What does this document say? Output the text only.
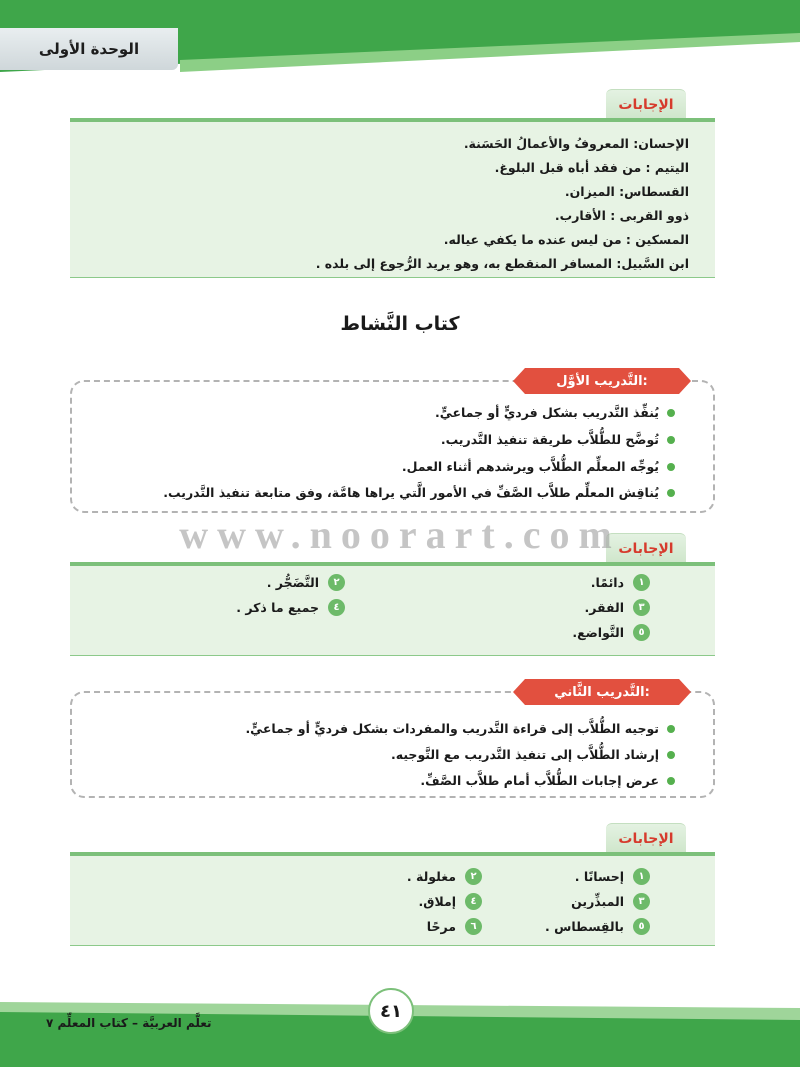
الوحدة الأولى
الإجابات
الإحسان: المعروفُ والأعمالُ الحَسَنة.
اليتيم : من فقد أباه قبل البلوغ.
القسطاس: الميزان.
ذوو القربى : الأقارب.
المسكين : من ليس عنده ما يكفي عياله.
ابن السَّبيل: المسافر المنقطع به، وهو يريد الرُّجوع إلى بلده .
كتاب النَّشاط
التَّدريب الأوَّل:
يُنفِّذ التَّدريب بشكل فرديٍّ أو جماعيٍّ.
تُوضَّح للطُّلاَّب طريقة تنفيذ التَّدريب.
يُوجِّه المعلِّم الطُّلاَّب ويرشدهم أثناء العمل.
يُناقِش المعلِّم طلاَّب الصَّفِّ في الأمور الَّتي يراها هامَّة، وفق متابعة تنفيذ التَّدريب.
الإجابات
١
دائمًا.
٢
التَّضَجُّر .
٣
الفقر.
٤
جميع ما ذكر .
٥
التَّواضع.
التَّدريب الثَّاني:
توجيه الطُّلاَّب إلى قراءة التَّدريب والمفردات بشكل فرديٍّ أو جماعيٍّ.
إرشاد الطُّلاَّب إلى تنفيذ التَّدريب مع التَّوجيه.
عرض إجابات الطُّلاَّب أمام طلاَّب الصَّفِّ.
الإجابات
١
إحسانًا .
٢
مغلولة .
٣
المبذِّرين
٤
إملاق.
٥
بالقِسطاس .
٦
مرحًا
www.noorart.com
تعلَّم العربيَّة – كتاب المعلِّم ٧
٤١
